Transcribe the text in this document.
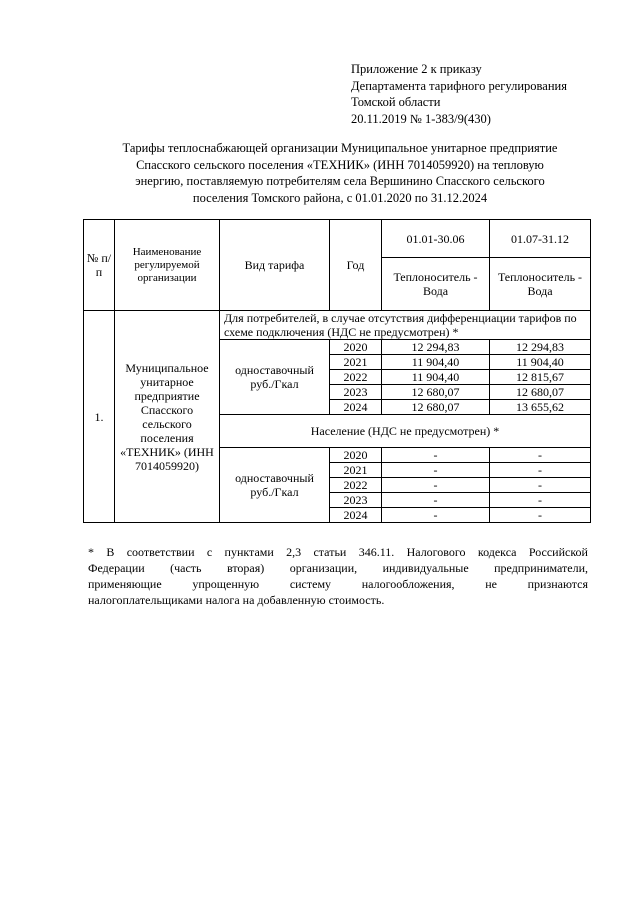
Приложение 2 к приказу
Департамента тарифного регулирования
Томской области
20.11.2019 № 1-383/9(430)
Тарифы теплоснабжающей организации Муниципальное унитарное предприятие
Спасского сельского поселения «ТЕХНИК» (ИНН 7014059920) на тепловую
энергию, поставляемую потребителям села Вершинино Спасского сельского
поселения Томского района, с 01.01.2020 по 31.12.2024
№ п/п	Наименование регулируемой организации	Вид тарифа	Год	01.01-30.06	01.07-31.12
				Теплоноситель - Вода	Теплоноситель - Вода
1.	Муниципальное унитарное предприятие Спасского сельского поселения «ТЕХНИК» (ИНН 7014059920)	Для потребителей, в случае отсутствия дифференциации тарифов по схеме подключения (НДС не предусмотрен) *			
		одноставочный руб./Гкал	2020	12 294,83	12 294,83
			2021	11 904,40	11 904,40
			2022	11 904,40	12 815,67
			2023	12 680,07	12 680,07
			2024	12 680,07	13 655,62
		Население (НДС не предусмотрен) *			
		одноставочный руб./Гкал	2020	-	-
			2021	-	-
			2022	-	-
			2023	-	-
			2024	-	-
* В соответствии с пунктами 2,3 статьи 346.11. Налогового кодекса Российской
Федерации (часть вторая) организации, индивидуальные предприниматели,
применяющие	упрощенную	систему	налогообложения,	не	признаются
налогоплательщиками налога на добавленную стоимость.
